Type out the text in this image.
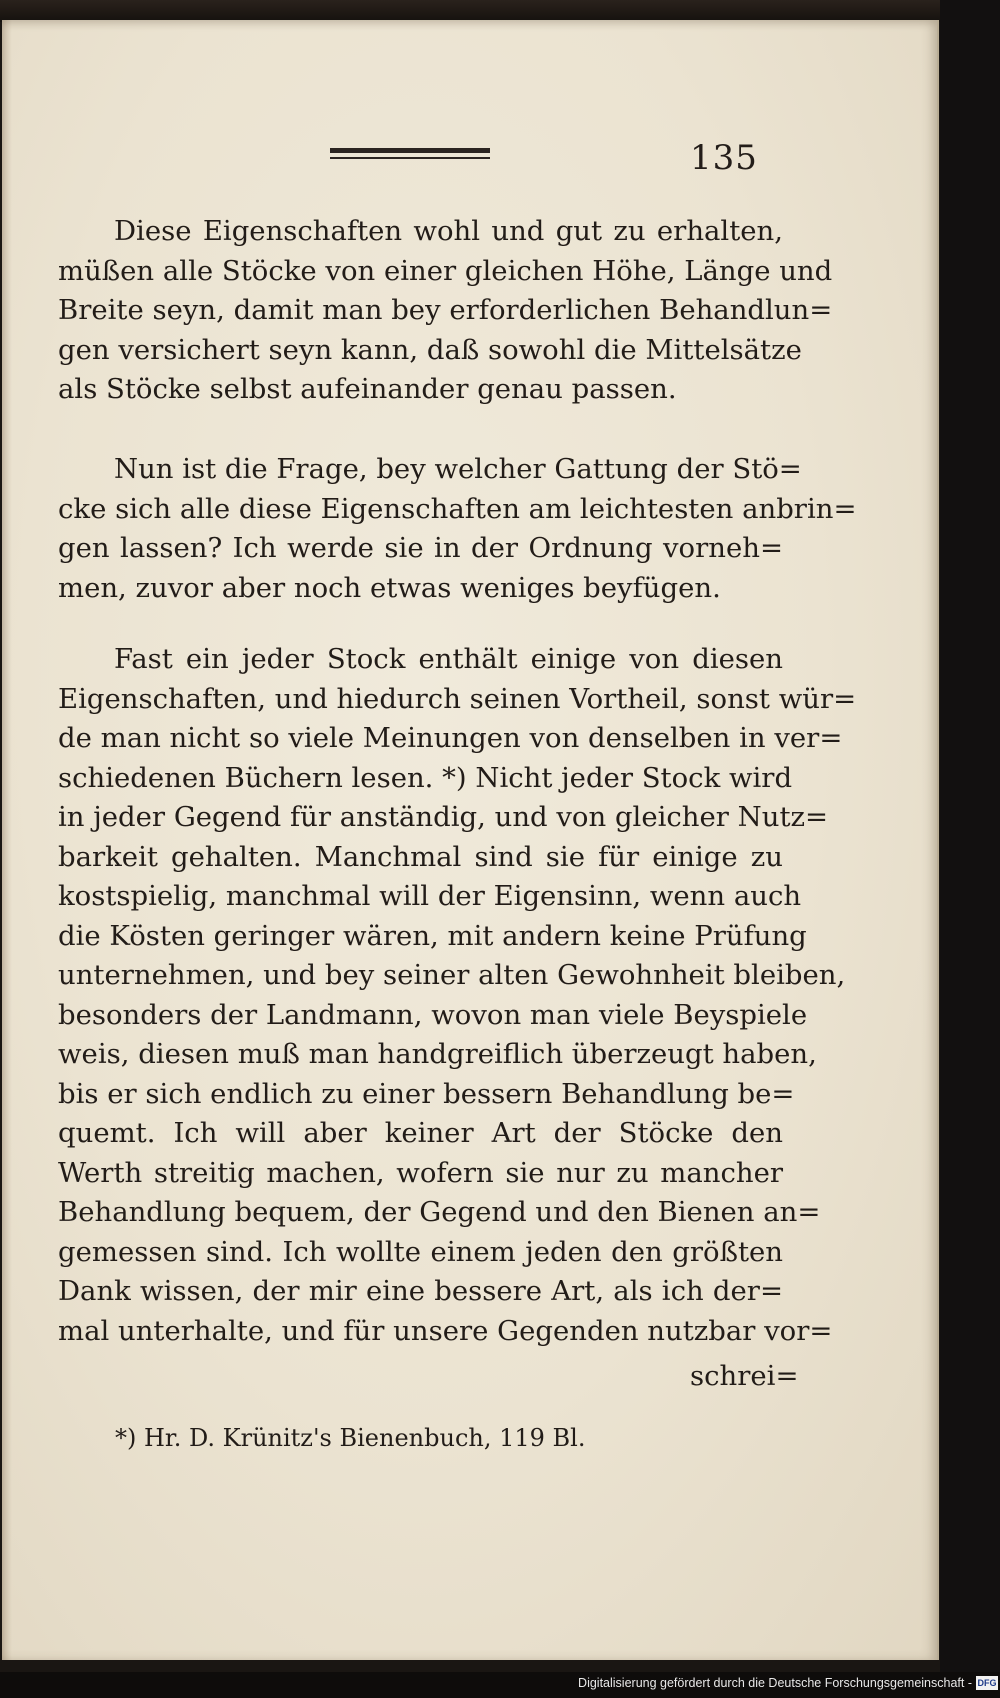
135
Diese Eigenschaften wohl und gut zu erhalten,
müßen alle Stöcke von einer gleichen Höhe, Länge und
Breite seyn, damit man bey erforderlichen Behandlun=
gen versichert seyn kann, daß sowohl die Mittelsätze
als Stöcke selbst aufeinander genau passen.
Nun ist die Frage, bey welcher Gattung der Stö=
cke sich alle diese Eigenschaften am leichtesten anbrin=
gen lassen? Ich werde sie in der Ordnung vorneh=
men, zuvor aber noch etwas weniges beyfügen.
Fast ein jeder Stock enthält einige von diesen
Eigenschaften, und hiedurch seinen Vortheil, sonst wür=
de man nicht so viele Meinungen von denselben in ver=
schiedenen Büchern lesen. *) Nicht jeder Stock wird
in jeder Gegend für anständig, und von gleicher Nutz=
barkeit gehalten. Manchmal sind sie für einige zu
kostspielig, manchmal will der Eigensinn, wenn auch
die Kösten geringer wären, mit andern keine Prüfung
unternehmen, und bey seiner alten Gewohnheit bleiben,
besonders der Landmann, wovon man viele Beyspiele
weis, diesen muß man handgreiflich überzeugt haben,
bis er sich endlich zu einer bessern Behandlung be=
quemt. Ich will aber keiner Art der Stöcke den
Werth streitig machen, wofern sie nur zu mancher
Behandlung bequem, der Gegend und den Bienen an=
gemessen sind. Ich wollte einem jeden den größten
Dank wissen, der mir eine bessere Art, als ich der=
mal unterhalte, und für unsere Gegenden nutzbar vor=
schrei=
*) Hr. D. Krünitz's Bienenbuch, 119 Bl.
Digitalisierung gefördert durch die Deutsche Forschungsgemeinschaft - DFG
